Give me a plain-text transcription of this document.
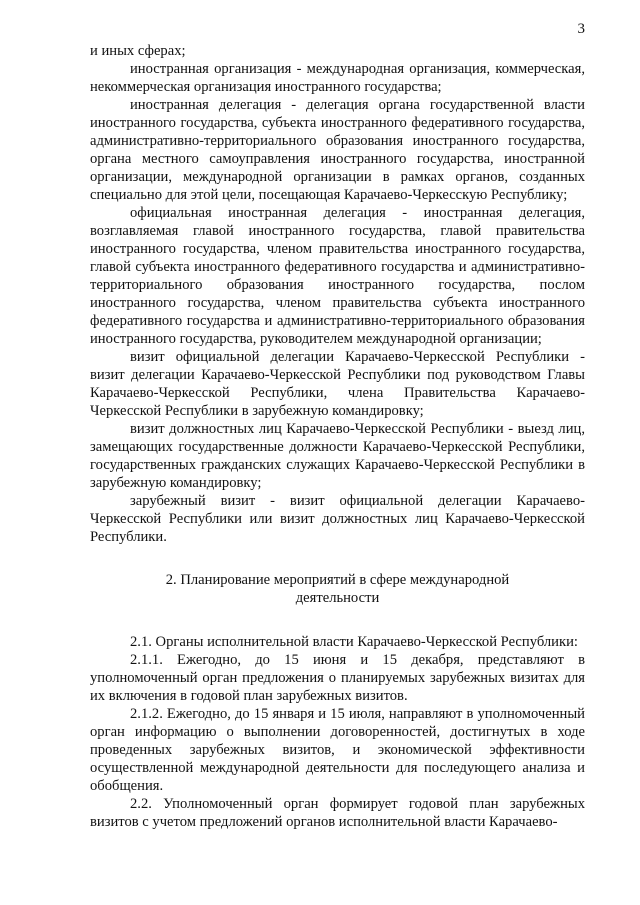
3

и иных сферах;

иностранная организация - международная организация, коммерческая, некоммерческая организация иностранного государства;

иностранная делегация - делегация органа государственной власти иностранного государства, субъекта иностранного федеративного государства, административно-территориального образования иностранного государства, органа местного самоуправления иностранного государства, иностранной организации, международной организации в рамках органов, созданных специально для этой цели, посещающая Карачаево-Черкесскую Республику;

официальная иностранная делегация - иностранная делегация, возглавляемая главой иностранного государства, главой правительства иностранного государства, членом правительства иностранного государства, главой субъекта иностранного федеративного государства и административно-территориального образования иностранного государства, послом иностранного государства, членом правительства субъекта иностранного федеративного государства и административно-территориального образования иностранного государства, руководителем международной организации;

визит официальной делегации Карачаево-Черкесской Республики - визит делегации Карачаево-Черкесской Республики под руководством Главы Карачаево-Черкесской Республики, члена Правительства Карачаево-Черкесской Республики в зарубежную командировку;

визит должностных лиц Карачаево-Черкесской Республики - выезд лиц, замещающих государственные должности Карачаево-Черкесской Республики, государственных гражданских служащих Карачаево-Черкесской Республики в зарубежную командировку;

зарубежный визит - визит официальной делегации Карачаево-Черкесской Республики или визит должностных лиц Карачаево-Черкесской Республики.

2. Планирование мероприятий в сфере международной деятельности

2.1. Органы исполнительной власти Карачаево-Черкесской Республики:

2.1.1. Ежегодно, до 15 июня и 15 декабря, представляют в уполномоченный орган предложения о планируемых зарубежных визитах для их включения в годовой план зарубежных визитов.

2.1.2. Ежегодно, до 15 января и 15 июля, направляют в уполномоченный орган информацию о выполнении договоренностей, достигнутых в ходе проведенных зарубежных визитов, и экономической эффективности осуществленной международной деятельности для последующего анализа и обобщения.

2.2. Уполномоченный орган формирует годовой план зарубежных визитов с учетом предложений органов исполнительной власти Карачаево-
